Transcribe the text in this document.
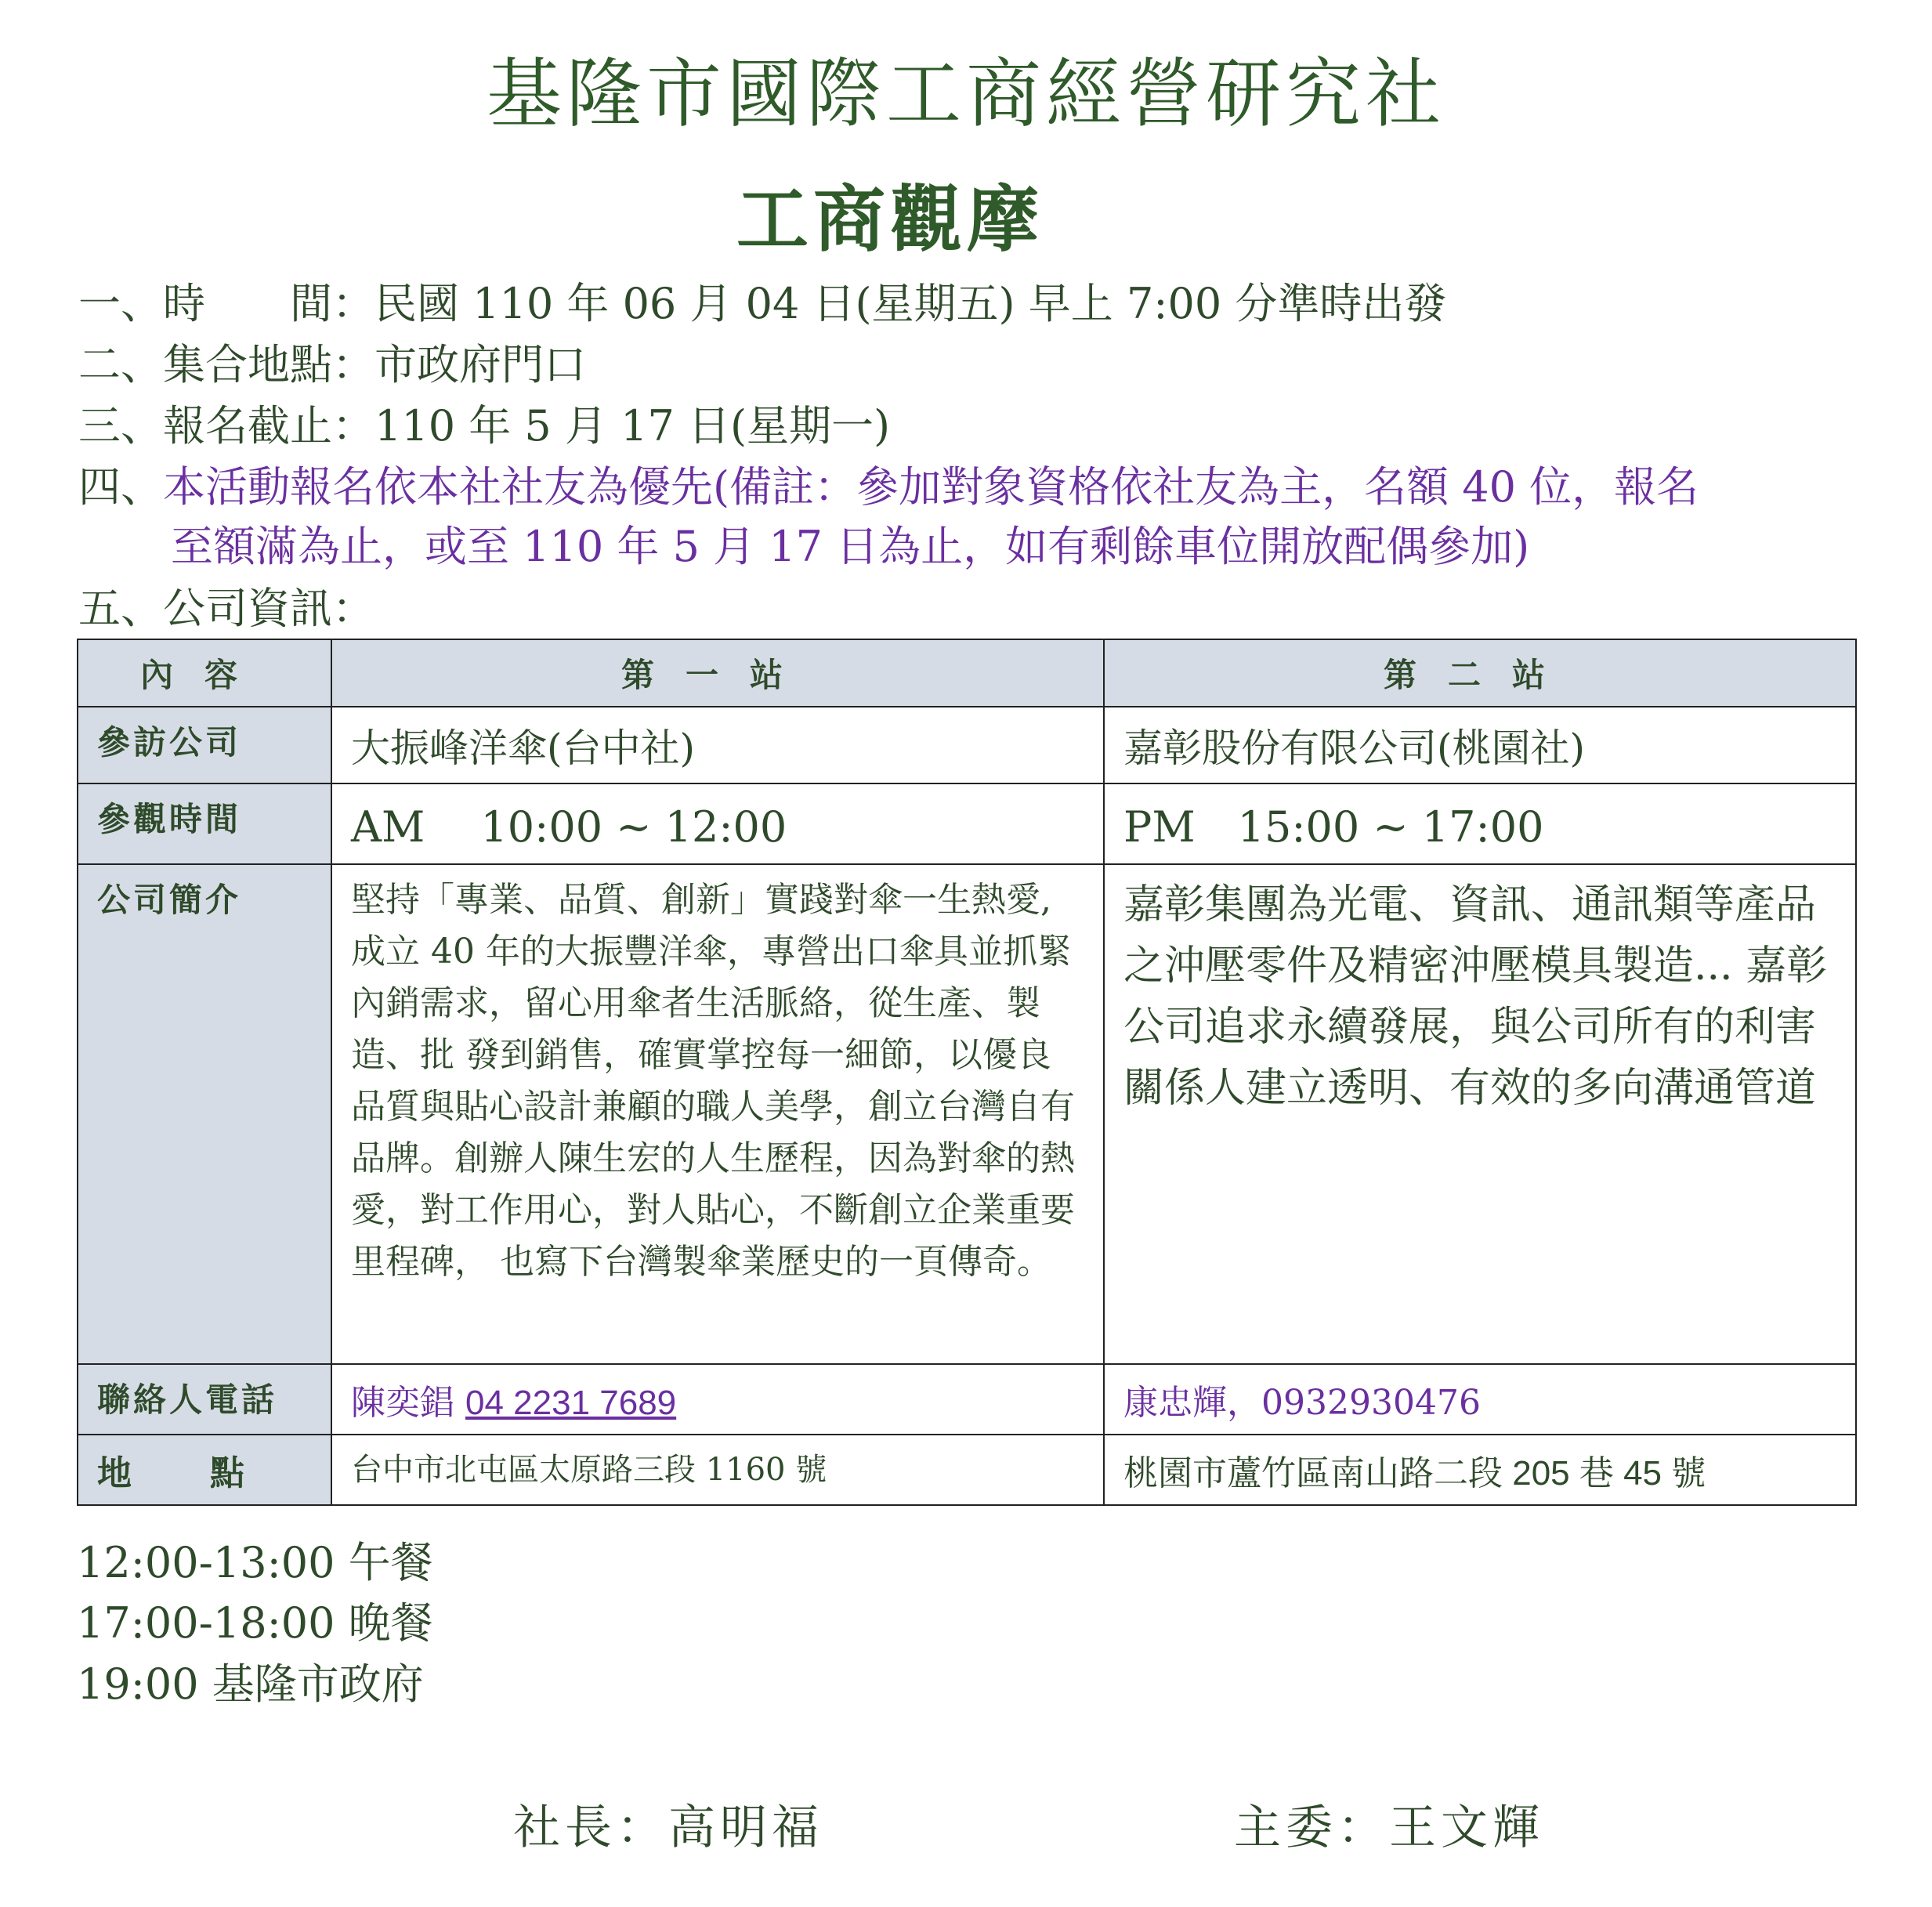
基隆市國際工商經營研究社
工商觀摩
一、時　　間：民國 110 年 06 月 04 日(星期五) 早上 7:00 分準時出發
二、集合地點：市政府門口
三、報名截止：110 年 5 月 17 日(星期一)
四、本活動報名依本社社友為優先(備註：參加對象資格依社友為主，名額 40 位，報名
至額滿為止，或至 110 年 5 月 17 日為止，如有剩餘車位開放配偶參加)
五、公司資訊：
內容	第一站	第二站
參訪公司	大振峰洋傘(台中社)	嘉彰股份有限公司(桃園社)
參觀時間	AM　 10:00 ~ 12:00	PM　15:00 ~ 17:00
公司簡介	堅持「專業、品質、創新」實踐對傘一生熱愛,成立 40 年的大振豐洋傘，專營出口傘具並抓緊內銷需求，留心用傘者生活脈絡，從生產、製造、批 發到銷售，確實掌控每一細節，以優良品質與貼心設計兼顧的職人美學，創立台灣自有品牌。創辦人陳生宏的人生歷程，因為對傘的熱愛，對工作用心，對人貼心，不斷創立企業重要里程碑， 也寫下台灣製傘業歷史的一頁傳奇。	嘉彰集團為光電、資訊、通訊類等產品之沖壓零件及精密沖壓模具製造... 嘉彰公司追求永續發展，與公司所有的利害關係人建立透明、有效的多向溝通管道
聯絡人電話	陳奕錩 04 2231 7689	康忠輝，0932930476
地　　點	台中市北屯區太原路三段 1160 號	桃園市蘆竹區南山路二段 205 巷 45 號
12:00-13:00 午餐
17:00-18:00 晚餐
19:00 基隆市政府
社長：高明福	主委：王文輝
